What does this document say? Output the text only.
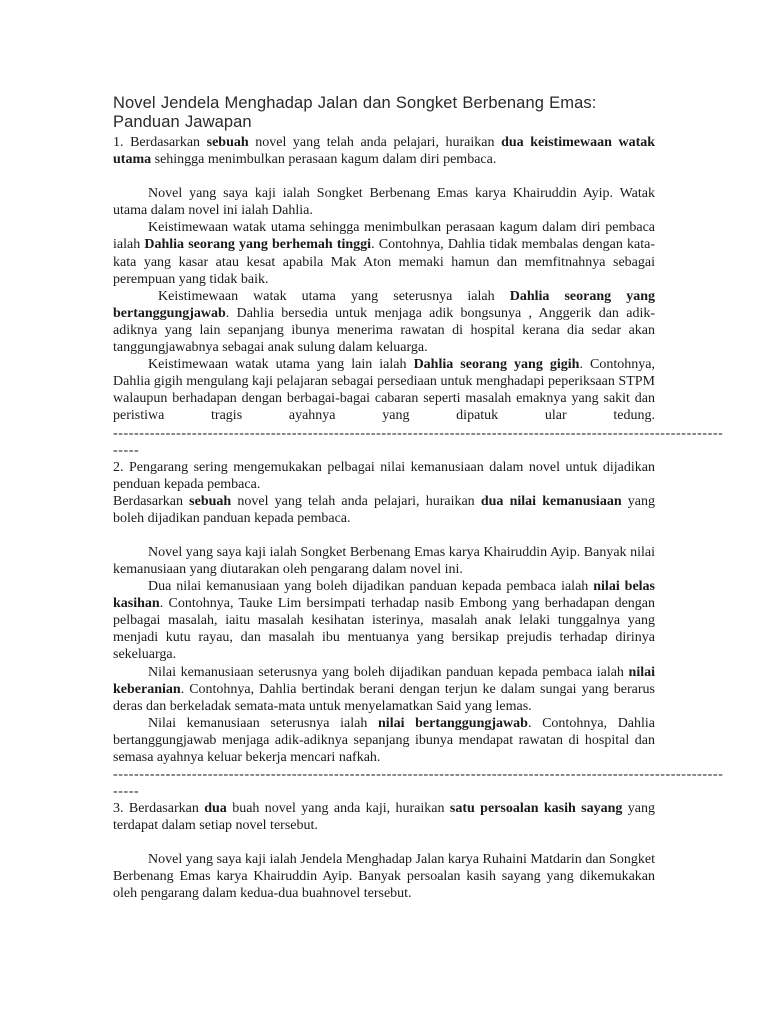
Novel Jendela Menghadap Jalan dan Songket Berbenang Emas:
Panduan Jawapan

1. Berdasarkan sebuah novel yang telah anda pelajari, huraikan dua keistimewaan watak utama sehingga menimbulkan perasaan kagum dalam diri pembaca.

Novel yang saya kaji ialah Songket Berbenang Emas karya Khairuddin Ayip. Watak utama dalam novel ini ialah Dahlia.

Keistimewaan watak utama sehingga menimbulkan perasaan kagum dalam diri pembaca ialah Dahlia seorang yang berhemah tinggi. Contohnya, Dahlia tidak membalas dengan kata-kata yang kasar atau kesat apabila Mak Aton memaki hamun dan memfitnahnya sebagai perempuan yang tidak baik.

Keistimewaan watak utama yang seterusnya ialah Dahlia seorang yang bertanggungjawab. Dahlia bersedia untuk menjaga adik bongsunya , Anggerik dan adik-adiknya yang lain sepanjang ibunya menerima rawatan di hospital kerana dia sedar akan tanggungjawabnya sebagai anak sulung dalam keluarga.

Keistimewaan watak utama yang lain ialah Dahlia seorang yang gigih. Contohnya, Dahlia gigih mengulang kaji pelajaran sebagai persediaan untuk menghadapi peperiksaan STPM walaupun berhadapan dengan berbagai-bagai cabaran seperti masalah emaknya yang sakit dan peristiwa tragis ayahnya yang dipatuk ular tedung.

--------------------------------------------------------------------------------------------------------------------
-----

2. Pengarang sering mengemukakan pelbagai nilai kemanusiaan dalam novel untuk dijadikan penduan kepada pembaca.

Berdasarkan sebuah novel yang telah anda pelajari, huraikan dua nilai kemanusiaan yang boleh dijadikan panduan kepada pembaca.

Novel yang saya kaji ialah Songket Berbenang Emas karya Khairuddin Ayip. Banyak nilai kemanusiaan yang diutarakan oleh pengarang dalam novel ini.

Dua nilai kemanusiaan yang boleh dijadikan panduan kepada pembaca ialah nilai belas kasihan. Contohnya, Tauke Lim bersimpati terhadap nasib Embong yang berhadapan dengan pelbagai masalah, iaitu masalah kesihatan isterinya, masalah anak lelaki tunggalnya yang menjadi kutu rayau, dan masalah ibu mentuanya yang bersikap prejudis terhadap dirinya sekeluarga.

Nilai kemanusiaan seterusnya yang boleh dijadikan panduan kepada pembaca ialah nilai keberanian. Contohnya, Dahlia bertindak berani dengan terjun ke dalam sungai yang berarus deras dan berkeladak semata-mata untuk menyelamatkan Said yang lemas.

Nilai kemanusiaan seterusnya ialah nilai bertanggungjawab. Contohnya, Dahlia bertanggungjawab menjaga adik-adiknya sepanjang ibunya mendapat rawatan di hospital dan semasa ayahnya keluar bekerja mencari nafkah.

--------------------------------------------------------------------------------------------------------------------
-----

3. Berdasarkan dua buah novel yang anda kaji, huraikan satu persoalan kasih sayang yang terdapat dalam setiap novel tersebut.

Novel yang saya kaji ialah Jendela Menghadap Jalan karya Ruhaini Matdarin dan Songket Berbenang Emas karya Khairuddin Ayip. Banyak persoalan kasih sayang yang dikemukakan oleh pengarang dalam kedua-dua buahnovel tersebut.
